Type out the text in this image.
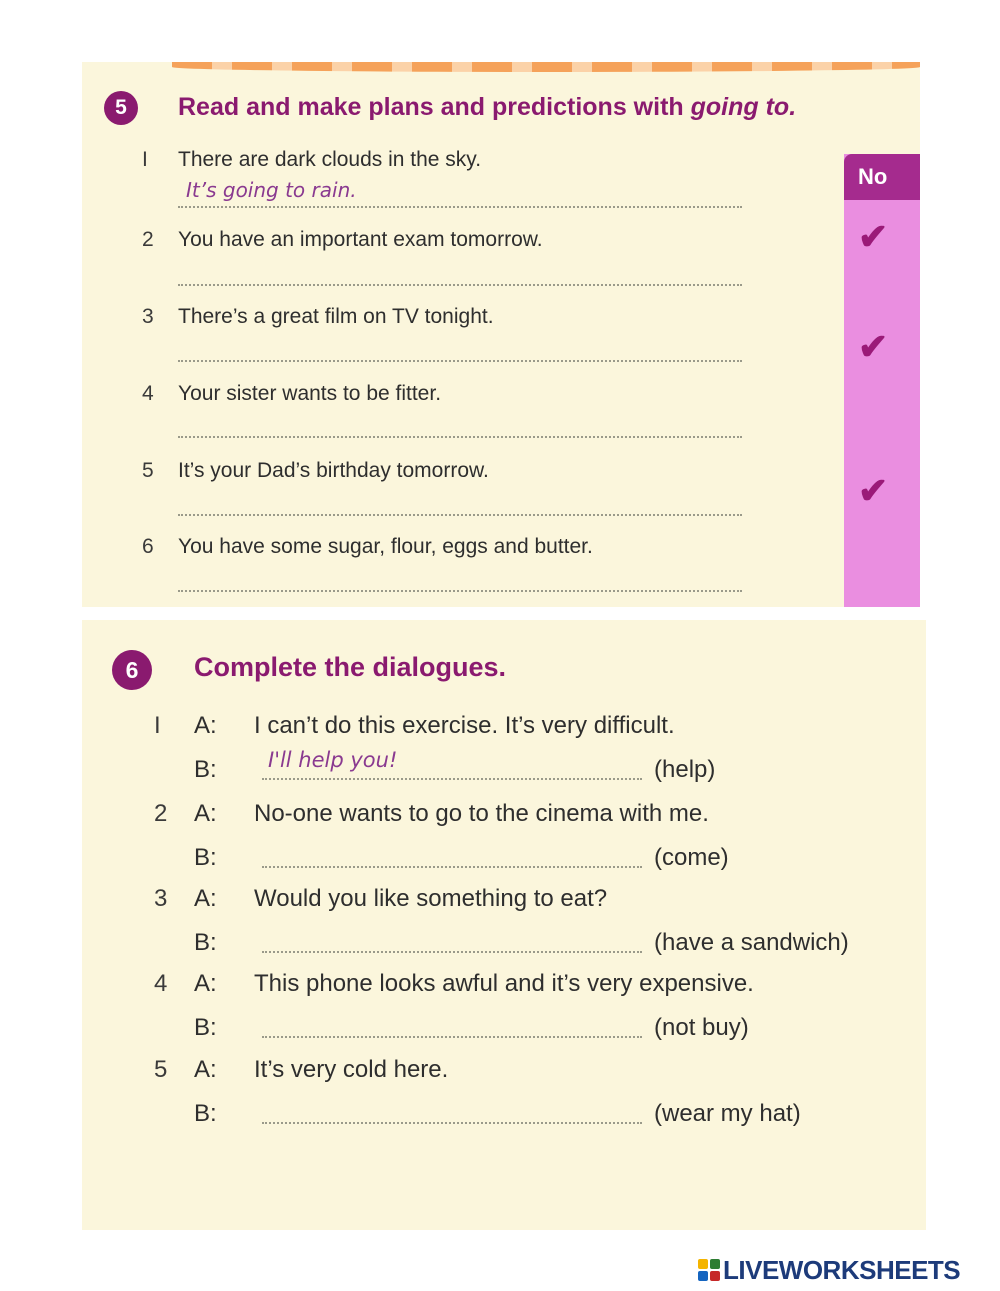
5	Read and make plans and predictions with going to.
No
✔
✔
✔
I There are dark clouds in the sky.
It’s going to rain.
2 You have an important exam tomorrow.
3 There’s a great film on TV tonight.
4 Your sister wants to be fitter.
5 It’s your Dad’s birthday tomorrow.
6 You have some sugar, flour, eggs and butter.
6	Complete the dialogues.
I A: I can’t do this exercise. It’s very difficult.
B: I'll help you!	(help)
2 A: No-one wants to go to the cinema with me.
B:	(come)
3 A: Would you like something to eat?
B:	(have a sandwich)
4 A: This phone looks awful and it’s very expensive.
B:	(not buy)
5 A: It’s very cold here.
B:	(wear my hat)
LIVEWORKSHEETS
